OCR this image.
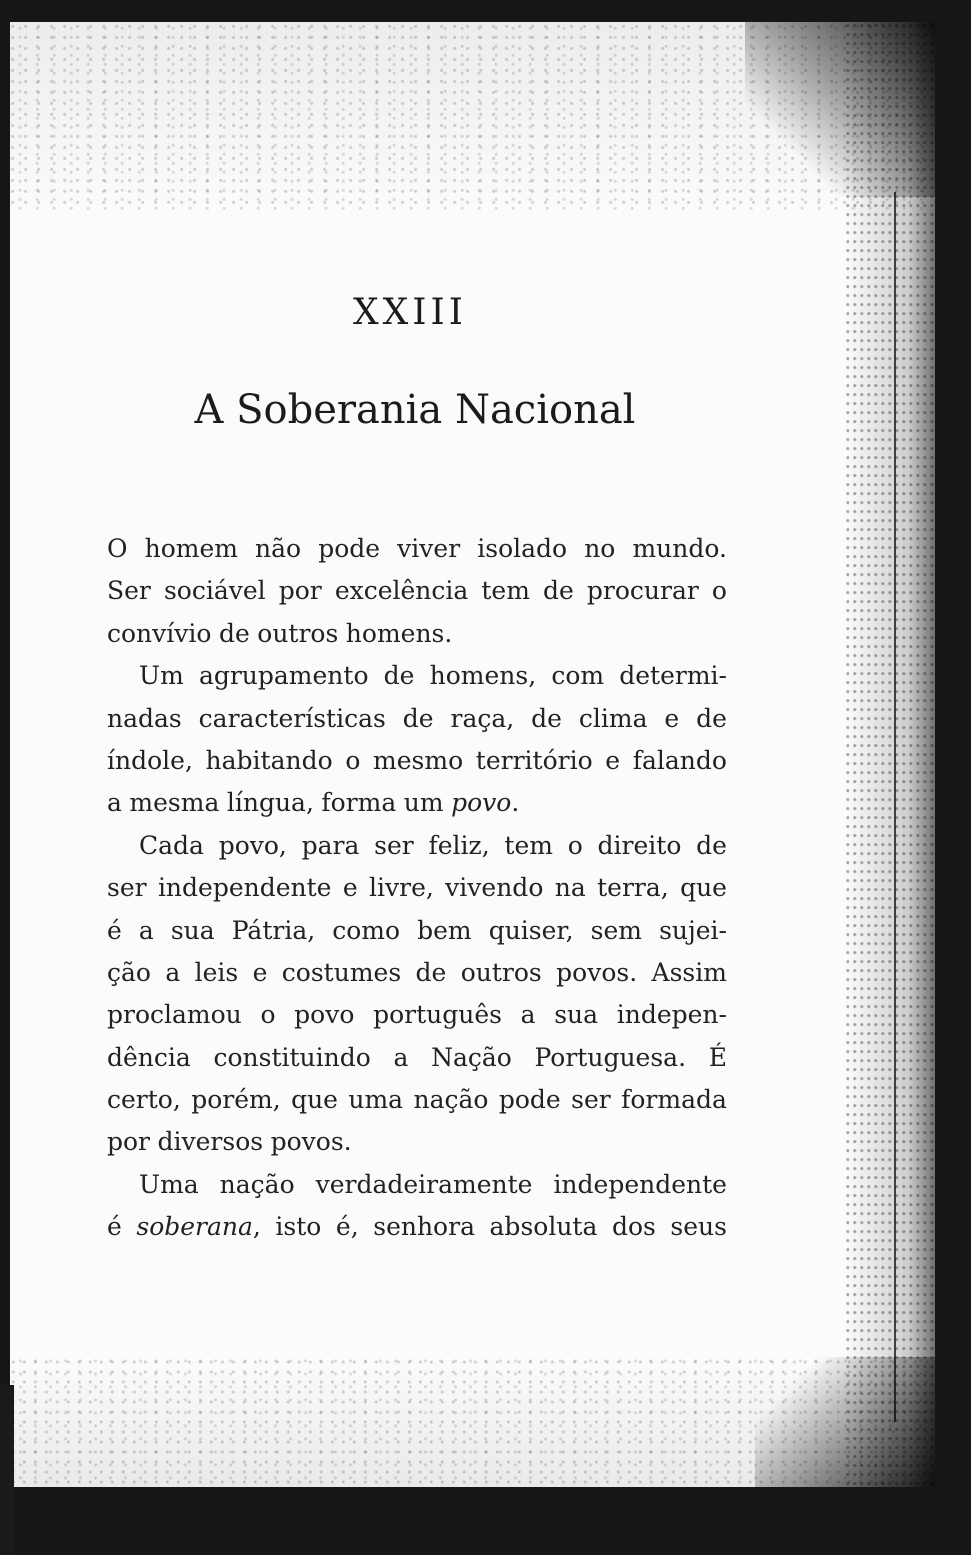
XXIII
A Soberania Nacional
O homem não pode viver isolado no mundo.
Ser sociável por excelência tem de procurar o
convívio de outros homens.
Um agrupamento de homens, com determi-
nadas características de raça, de clima e de
índole, habitando o mesmo território e falando
a mesma língua, forma um povo.
Cada povo, para ser feliz, tem o direito de
ser independente e livre, vivendo na terra, que
é a sua Pátria, como bem quiser, sem sujei-
ção a leis e costumes de outros povos. Assim
proclamou o povo português a sua indepen-
dência constituindo a Nação Portuguesa. É
certo, porém, que uma nação pode ser formada
por diversos povos.
Uma nação verdadeiramente independente
é soberana, isto é, senhora absoluta dos seus
